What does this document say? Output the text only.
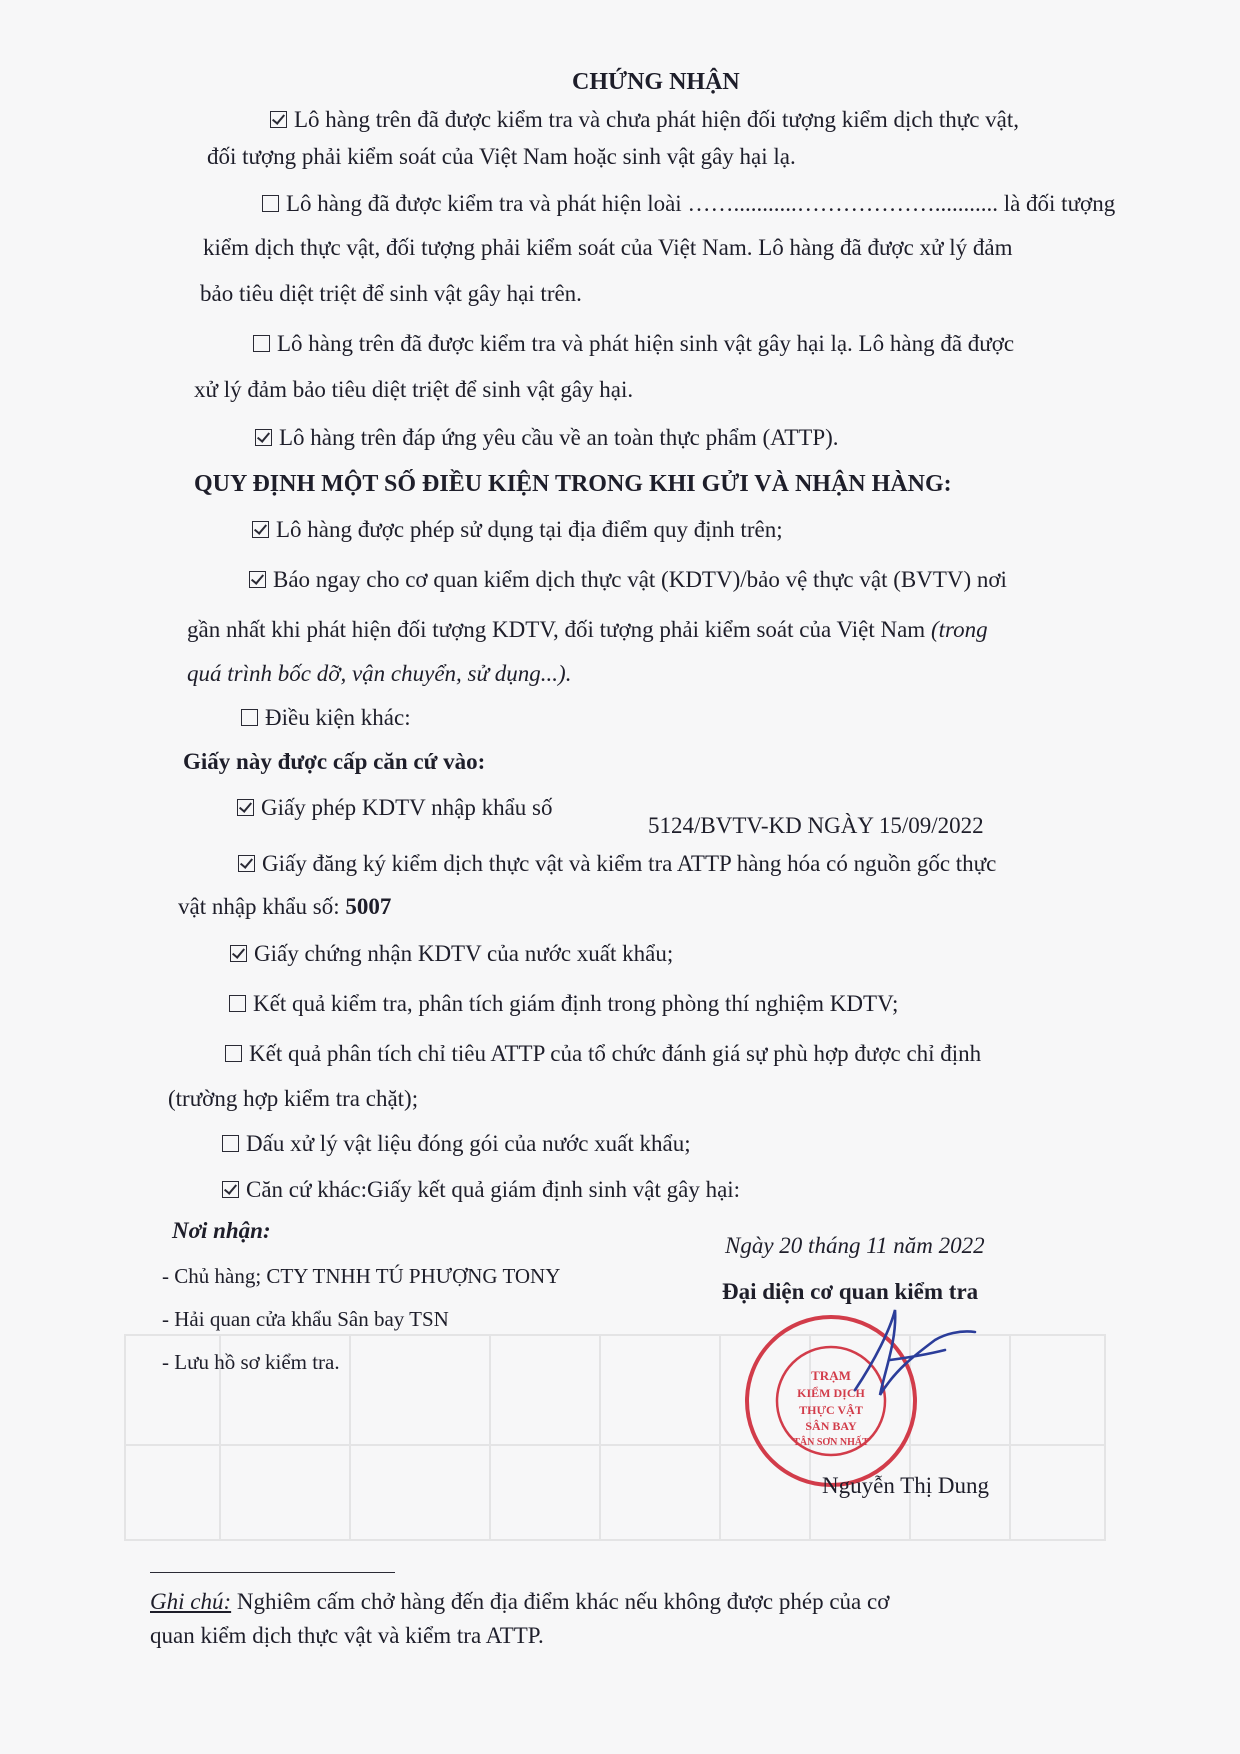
CHỨNG NHẬN
Lô hàng trên đã được kiểm tra và chưa phát hiện đối tượng kiểm dịch thực vật,
đối tượng phải kiểm soát của Việt Nam hoặc sinh vật gây hại lạ.
Lô hàng đã được kiểm tra và phát hiện loài ……...........………………........... là đối tượng
kiểm dịch thực vật, đối tượng phải kiểm soát của Việt Nam. Lô hàng đã được xử lý đảm
bảo tiêu diệt triệt để sinh vật gây hại trên.
Lô hàng trên đã được kiểm tra và phát hiện sinh vật gây hại lạ. Lô hàng đã được
xử lý đảm bảo tiêu diệt triệt để sinh vật gây hại.
Lô hàng trên đáp ứng yêu cầu về an toàn thực phẩm (ATTP).
QUY ĐỊNH MỘT SỐ ĐIỀU KIỆN TRONG KHI GỬI VÀ NHẬN HÀNG:
Lô hàng được phép sử dụng tại địa điểm quy định trên;
Báo ngay cho cơ quan kiểm dịch thực vật (KDTV)/bảo vệ thực vật (BVTV) nơi
gần nhất khi phát hiện đối tượng KDTV, đối tượng phải kiểm soát của Việt Nam (trong
quá trình bốc dỡ, vận chuyển, sử dụng...).
Điều kiện khác:
Giấy này được cấp căn cứ vào:
Giấy phép KDTV nhập khẩu số
5124/BVTV-KD NGÀY 15/09/2022
Giấy đăng ký kiểm dịch thực vật và kiểm tra ATTP hàng hóa có nguồn gốc thực
vật nhập khẩu số: 5007
Giấy chứng nhận KDTV của nước xuất khẩu;
Kết quả kiểm tra, phân tích giám định trong phòng thí nghiệm KDTV;
Kết quả phân tích chỉ tiêu ATTP của tổ chức đánh giá sự phù hợp được chỉ định
(trường hợp kiểm tra chặt);
Dấu xử lý vật liệu đóng gói của nước xuất khẩu;
Căn cứ khác:Giấy kết quả giám định sinh vật gây hại:
Nơi nhận:
- Chủ hàng; CTY TNHH TÚ PHƯỢNG TONY
- Hải quan cửa khẩu Sân bay TSN
- Lưu hồ sơ kiểm tra.
Ngày 20 tháng 11 năm 2022
Đại diện cơ quan kiểm tra
TRẠM
KIỂM DỊCH
THỰC VẬT
SÂN BAY
TÂN SƠN NHẤT
Nguyễn Thị Dung
Ghi chú: Nghiêm cấm chở hàng đến địa điểm khác nếu không được phép của cơ
quan kiểm dịch thực vật và kiểm tra ATTP.
